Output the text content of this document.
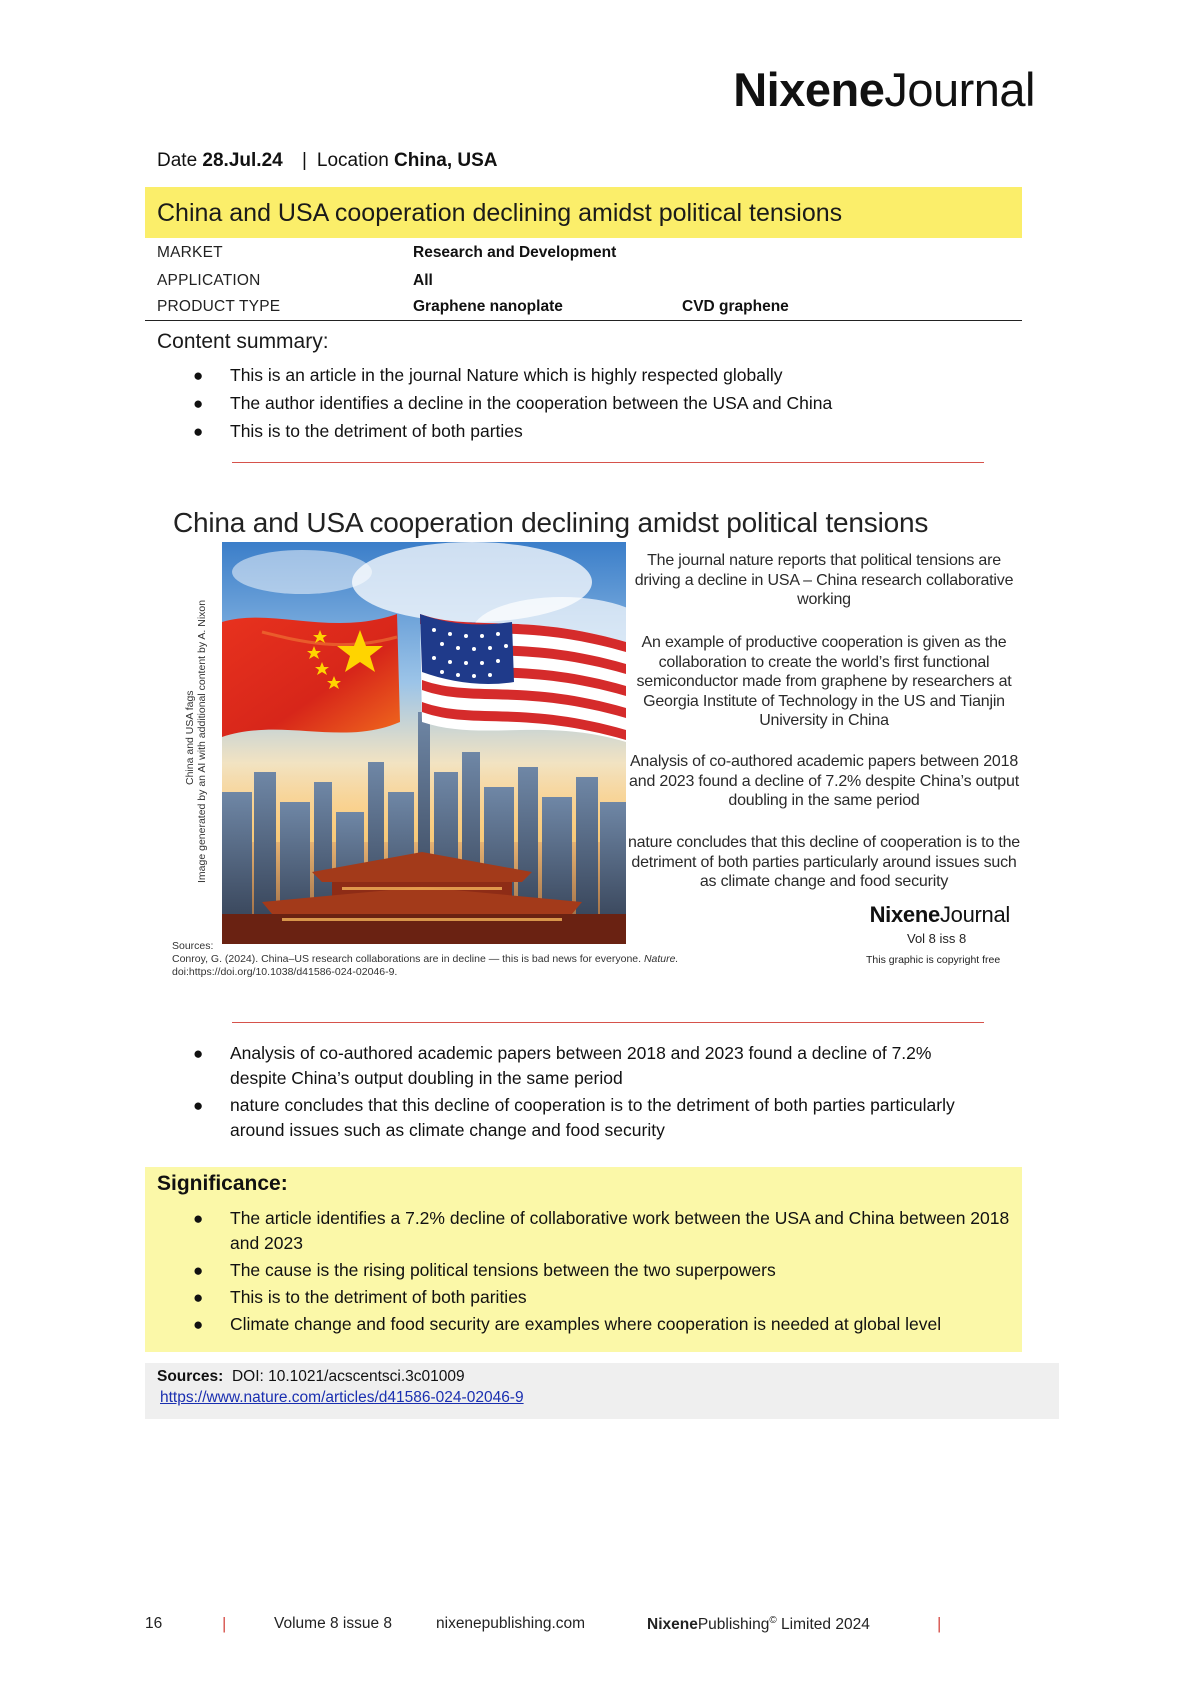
NixeneJournal
Date 28.Jul.24 | Location China, USA
China and USA cooperation declining amidst political tensions
MARKET	Research and Development
APPLICATION	All
PRODUCT TYPE	Graphene nanoplate	CVD graphene
Content summary:
● This is an article in the journal Nature which is highly respected globally
● The author identifies a decline in the cooperation between the USA and China
● This is to the detriment of both parties
China and USA cooperation declining amidst political tensions
China and USA fags Image generated by an AI with additional content by A. Nixon
The journal nature reports that political tensions are driving a decline in USA – China research collaborative working
An example of productive cooperation is given as the collaboration to create the world’s first functional semiconductor made from graphene by researchers at Georgia Institute of Technology in the US and Tianjin University in China
Analysis of co-authored academic papers between 2018 and 2023 found a decline of 7.2% despite China’s output doubling in the same period
nature concludes that this decline of cooperation is to the detriment of both parties particularly around issues such as climate change and food security
NixeneJournal
Vol 8 iss 8
This graphic is copyright free
Sources:
Conroy, G. (2024). China–US research collaborations are in decline — this is bad news for everyone. Nature.
doi:https://doi.org/10.1038/d41586-024-02046-9.
● Analysis of co-authored academic papers between 2018 and 2023 found a decline of 7.2% despite China’s output doubling in the same period
● nature concludes that this decline of cooperation is to the detriment of both parties particularly around issues such as climate change and food security
Significance:
● The article identifies a 7.2% decline of collaborative work between the USA and China between 2018 and 2023
● The cause is the rising political tensions between the two superpowers
● This is to the detriment of both parities
● Climate change and food security are examples where cooperation is needed at global level
Sources: DOI: 10.1021/acscentsci.3c01009
https://www.nature.com/articles/d41586-024-02046-9
16	|	Volume 8 issue 8	nixenepublishing.com	NixenePublishing© Limited 2024	|
